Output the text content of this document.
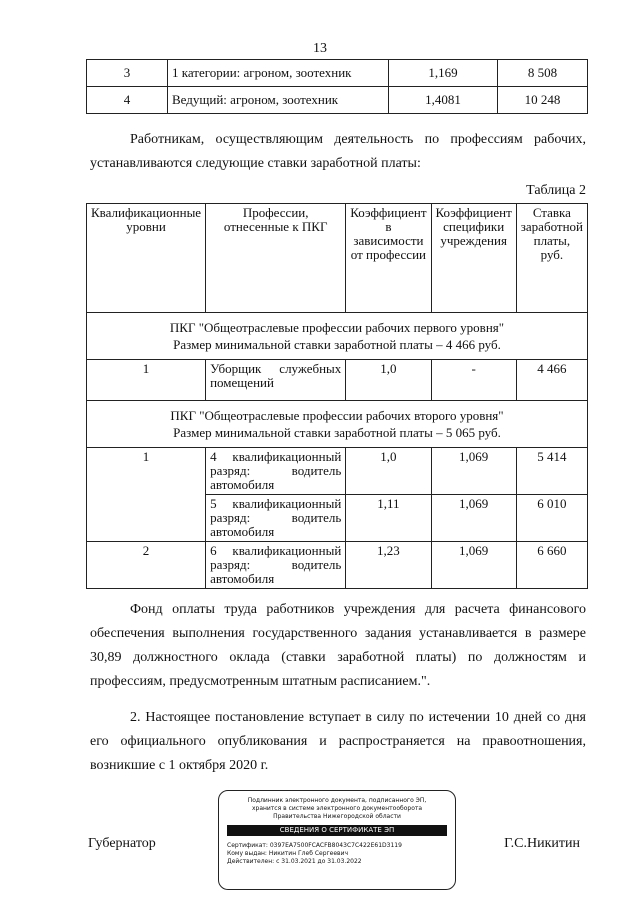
13
3	1 категории: агроном, зоотехник	1,169	8 508
4	Ведущий: агроном, зоотехник	1,4081	10 248
Работникам, осуществляющим деятельность по профессиям рабочих, устанавливаются следующие ставки заработной платы:
Таблица 2
Квалификационные уровни	Профессии, отнесенные к ПКГ	Коэффициент в зависимости от профессии	Коэффициент специфики учреждения	Ставка заработной платы, руб.

ПКГ "Общеотраслевые профессии рабочих первого уровня"
Размер минимальной ставки заработной платы – 4 466 руб.				

1	Уборщик служебных помещений	1,0	-	4 466

ПКГ "Общеотраслевые профессии рабочих второго уровня"
Размер минимальной ставки заработной платы – 5 065 руб.				

1	4 квалификационный разряд: водитель автомобиля	1,0	1,069	5 414
	5 квалификационный разряд: водитель автомобиля	1,11	1,069	6 010
2	6 квалификационный разряд: водитель автомобиля	1,23	1,069	6 660
Фонд оплаты труда работников учреждения для расчета финансового обеспечения выполнения государственного задания устанавливается в размере 30,89 должностного оклада (ставки заработной платы) по должностям и профессиям, предусмотренным штатным расписанием.".
2. Настоящее постановление вступает в силу по истечении 10 дней со дня его официального опубликования и распространяется на правоотношения, возникшие с 1 октября 2020 г.
Губернатор
Подлинник электронного документа, подписанного ЭП,
хранится в системе электронного документооборота
Правительства Нижегородской области
СВЕДЕНИЯ О СЕРТИФИКАТЕ ЭП
Сертификат: 0397EA7500FCACFB8043C7C422E61D3119
Кому выдан: Никитин Глеб Сергеевич
Действителен: с 31.03.2021 до 31.03.2022
Г.С.Никитин
